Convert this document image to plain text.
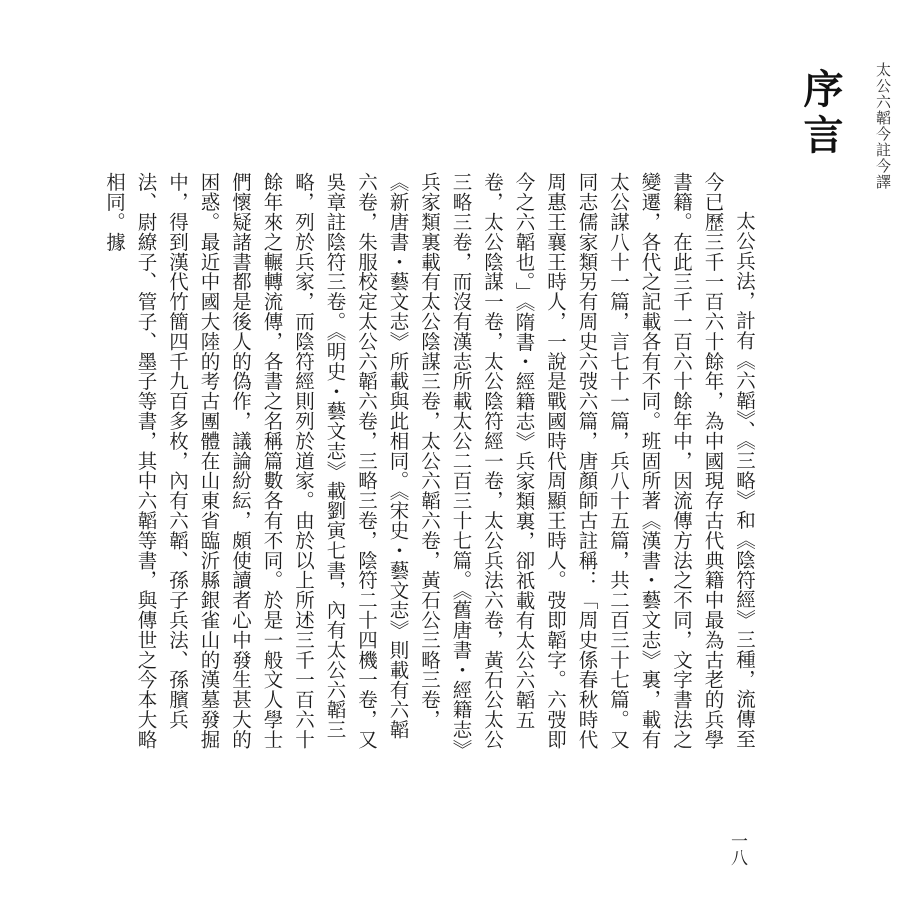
太公六韜今註今譯
序言

太公兵法，計有《六韜》、《三略》和《陰符經》三種，流傳至今已歷三千一百六十餘年，為中國現存古代典籍中最為古老的兵學書籍。在此三千一百六十餘年中，因流傳方法之不同，文字書法之變遷，各代之記載各有不同。班固所著《漢書・藝文志》裏，載有太公謀八十一篇，言七十一篇，兵八十五篇，共二百三十七篇。又同志儒家類另有周史六弢六篇，唐顏師古註稱：「周史係春秋時代周惠王襄王時人，一說是戰國時代周顯王時人。弢即韜字。六弢即今之六韜也。」《隋書・經籍志》兵家類裏，卻祇載有太公六韜五卷，太公陰謀一卷，太公陰符經一卷，太公兵法六卷，黃石公太公三略三卷，而沒有漢志所載太公二百三十七篇。《舊唐書・經籍志》兵家類裏載有太公陰謀三卷，太公六韜六卷，黃石公三略三卷，《新唐書・藝文志》所載與此相同。《宋史・藝文志》則載有六韜六卷，朱服校定太公六韜六卷，三略三卷，陰符二十四機一卷，又吳章註陰符三卷。《明史・藝文志》載劉寅七書，內有太公六韜三略，列於兵家，而陰符經則列於道家。由於以上所述三千一百六十餘年來之輾轉流傳，各書之名稱篇數各有不同。於是一般文人學士們懷疑諸書都是後人的偽作，議論紛紜，頗使讀者心中發生甚大的困惑。最近中國大陸的考古團體在山東省臨沂縣銀雀山的漢墓發掘中，得到漢代竹簡四千九百多枚，內有六韜、孫子兵法、孫臏兵法、尉繚子、管子、墨子等書，其中六韜等書，與傳世之今本大略相同。據

一八
